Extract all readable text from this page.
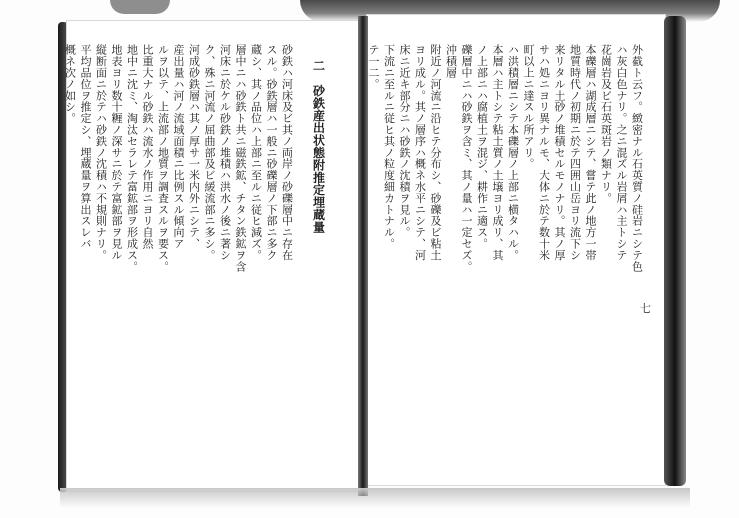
外截ト云フ。緻密ナル石英質ノ硅岩ニシテ色
ハ灰白色ナリ。之ニ混ズル岩屑ハ主トシテ
花崗岩及ビ石英斑岩ノ類ナリ。
本礫層ハ湖成層ニシテ、嘗テ此ノ地方一帯
地質時代ノ初期ニ於テ四囲山岳ヨリ流下シ
来リタル土砂ノ堆積セルモノナリ。其ノ厚
サハ処ニヨリ異ナルモ、大体ニ於テ数十米
町以上ニ達スル所アリ。
ハ洪積層ニシテ本礫層ノ上部ニ横タハル。
本層ハ主トシテ粘土質ノ土壌ヨリ成リ、其
ノ上部ニハ腐植土ヲ混ジ、耕作ニ適ス。
礫層中ニハ砂鉄ヲ含ミ、其ノ量ハ一定セズ。
沖積層
附近ノ河流ニ沿ヒテ分布シ、砂礫及ビ粘土
ヨリ成ル。其ノ層序ハ概ネ水平ニシテ、河
床ニ近キ部分ニハ砂鉄ノ沈積ヲ見ル。
下流ニ至ルニ従ヒ其ノ粒度細カトナル。
テ一二。

二　砂鉄産出状態附推定埋蔵量

砂鉄ハ河床及ビ其ノ両岸ノ砂礫層中ニ存在
スル。砂鉄層ハ一般ニ砂礫層ノ下部ニ多ク
蔵シ、其ノ品位ハ上部ニ至ルニ従ヒ減ズ。
層中ニハ砂鉄ト共ニ磁鉄鉱、チタン鉄鉱ヲ含
河床ニ於ケル砂鉄ノ堆積ハ洪水ノ後ニ著シ
ク、殊ニ河流ノ屈曲部及ビ緩流部ニ多シ。
河成砂鉄層ハ其ノ厚サ一米内外ニシテ、
産出量ハ河ノ流域面積ニ比例スル傾向ア
ルヲ以テ、上流部ノ地質ヲ調査スルヲ要ス。
比重大ナル砂鉄ハ流水ノ作用ニヨリ自然
地中ニ沈ミ、淘汰セラレテ富鉱部ヲ形成ス。
地表ヨリ数十糎ノ深サニ於テ富鉱部ヲ見ル
縦断面ニ於テハ砂鉄ノ沈積ハ不規則ナリ。
平均品位ヲ推定シ、埋蔵量ヲ算出スレバ
概ネ次ノ如シ。
七
